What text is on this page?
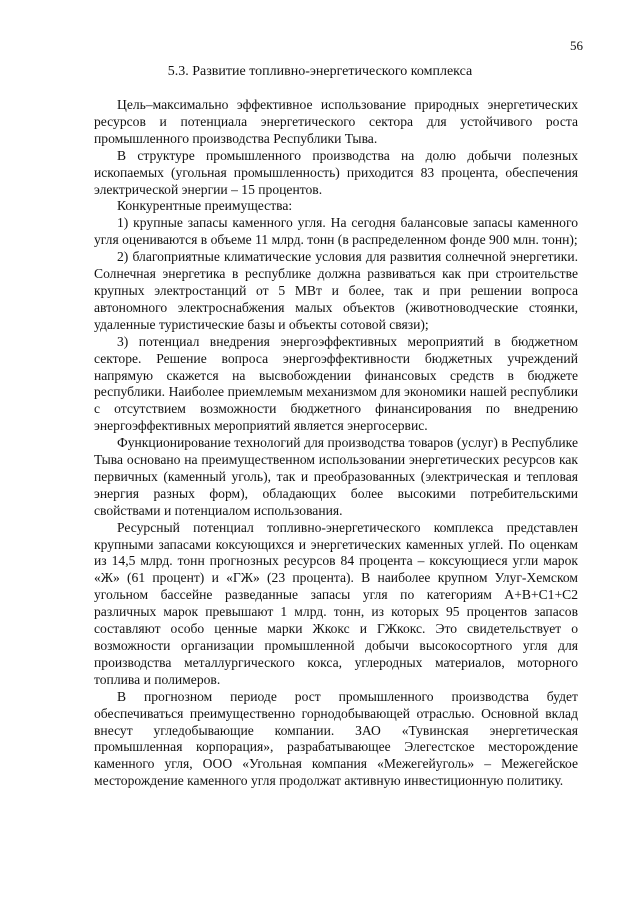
56
5.3. Развитие топливно-энергетического комплекса

Цель–максимально эффективное использование природных энергетических ресурсов и потенциала энергетического сектора для устойчивого роста промышленного производства Республики Тыва.

В структуре промышленного производства на долю добычи полезных ископаемых (угольная промышленность) приходится 83 процента, обеспечения электрической энергии – 15 процентов.

Конкурентные преимущества:

1) крупные запасы каменного угля. На сегодня балансовые запасы каменного угля оцениваются в объеме 11 млрд. тонн (в распределенном фонде 900 млн. тонн);

2) благоприятные климатические условия для развития солнечной энергетики. Солнечная энергетика в республике должна развиваться как при строительстве крупных электростанций от 5 МВт и более, так и при решении вопроса автономного электроснабжения малых объектов (животноводческие стоянки, удаленные туристические базы и объекты сотовой связи);

3) потенциал внедрения энергоэффективных мероприятий в бюджетном секторе. Решение вопроса энергоэффективности бюджетных учреждений напрямую скажется на высвобождении финансовых средств в бюджете республики. Наиболее приемлемым механизмом для экономики нашей республики с отсутствием возможности бюджетного финансирования по внедрению энергоэффективных мероприятий является энергосервис.

Функционирование технологий для производства товаров (услуг) в Республике Тыва основано на преимущественном использовании энергетических ресурсов как первичных (каменный уголь), так и преобразованных (электрическая и тепловая энергия разных форм), обладающих более высокими потребительскими свойствами и потенциалом использования.

Ресурсный потенциал топливно-энергетического комплекса представлен крупными запасами коксующихся и энергетических каменных углей. По оценкам из 14,5 млрд. тонн прогнозных ресурсов 84 процента – коксующиеся угли марок «Ж» (61 процент) и «ГЖ» (23 процента). В наиболее крупном Улуг-Хемском угольном бассейне разведанные запасы угля по категориям А+В+С1+С2 различных марок превышают 1 млрд. тонн, из которых 95 процентов запасов составляют особо ценные марки Жкокс и ГЖкокс. Это свидетельствует о возможности организации промышленной добычи высокосортного угля для производства металлургического кокса, углеродных материалов, моторного топлива и полимеров.

В прогнозном периоде рост промышленного производства будет обеспечиваться преимущественно горнодобывающей отраслью. Основной вклад внесут угледобывающие компании. ЗАО «Тувинская энергетическая промышленная корпорация», разрабатывающее Элегестское месторождение каменного угля, ООО «Угольная компания «Межегейуголь» – Межегейское месторождение каменного угля продолжат активную инвестиционную политику.
